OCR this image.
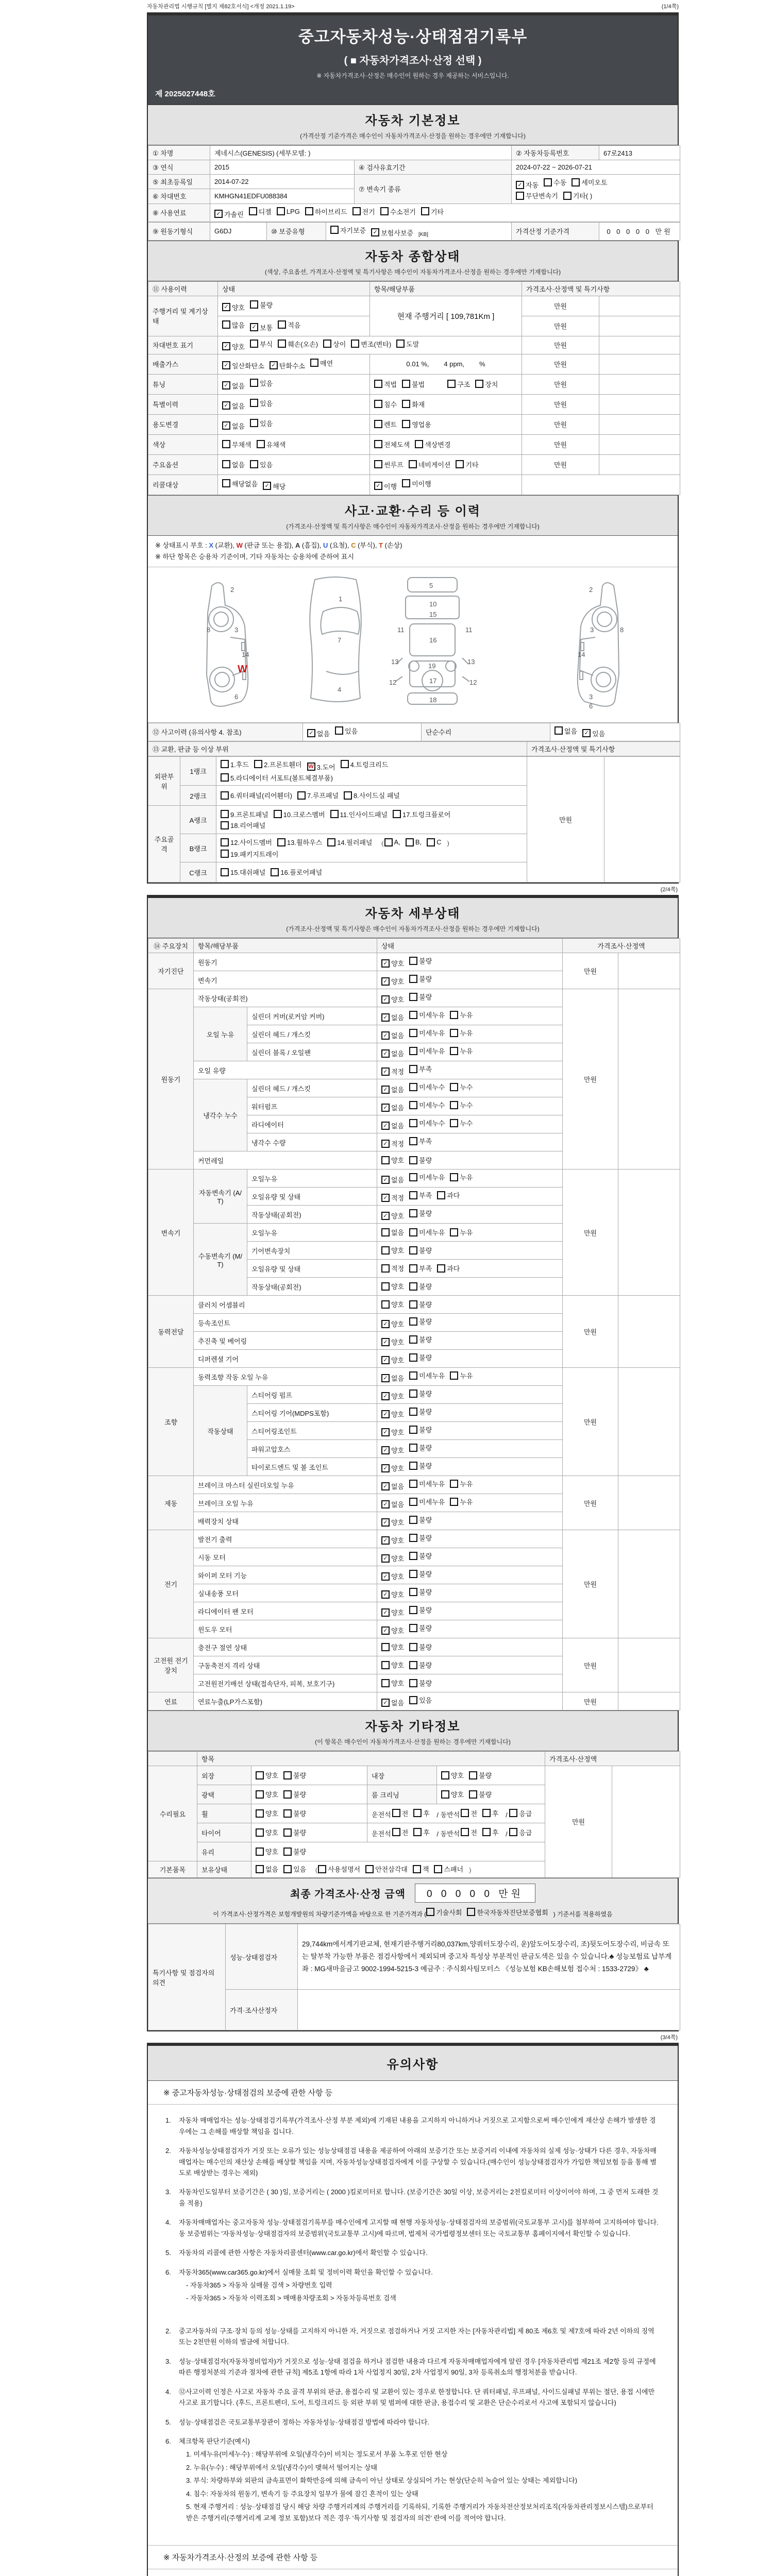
자동차관리법 시행규칙 [별지 제82호서식] <개정 2021.1.19>	(1/4쪽)
중고자동차성능·상태점검기록부
( ■ 자동차가격조사·산정 선택 )
※ 자동차가격조사·산정은 매수인이 원하는 경우 제공하는 서비스입니다.
제 2025027448호
자동차 기본정보
(가격산정 기준가격은 매수인이 자동차가격조사·산정을 원하는 경우에만 기재합니다)
① 차명	제네시스(GENESIS) (세부모델: )		② 자동차등록번호	67로2413
③ 연식	2015	④ 검사유효기간	2024-07-22 ~ 2026-07-21	
⑤ 최초등록일	2014-07-22	⑦ 변속기 종류	
✓ 자동 수동 세미오토

무단변속기 기타( )

⑥ 차대번호	KMHGN41EDFU088384			
⑧ 사용연료	✓ 가솔린 디젤 LPG 하이브리드 전기 수소전기 기타
⑨ 원동기형식	G6DJ	⑩ 보증유형	자기보증	✓ 보험사보증 $_{[KB]}$	가격산정 기준가격	0 0 0 0 0 만원
자동차 종합상태
(색상, 주요옵션, 가격조사·산정액 및 특기사항은 매수인이 자동차가격조사·산정을 원하는 경우에만 기재합니다)
⑪ 사용이력	상태	항목/해당부품	가격조사·산정액 및 특기사항	
주행거리 및 계기상태	✓ 양호 불량	현재 주행거리 [ 109,781Km ]	만원	

	많음 ✓ 보통 적음		만원	
차대번호 표기	✓ 양호 부식 훼손(오손) 상이 변조(변타) 도말	만원	
배출가스	✓ 일산화탄소 ✓ 탄화수소 매연	0.01 %,        4 ppm,        %	만원	
튜닝	✓ 없음 있음	적법 불법 구조 장치	만원	
특별이력	✓ 없음 있음	침수 화재	만원	
용도변경	✓ 없음 있음	렌트 영업용	만원	
색상	무채색 유채색	전체도색 색상변경	만원	
주요옵션	없음 있음	썬루프 네비게이션 기타	만원	
리콜대상	해당없음 ✓ 해당	✓ 이행 미이행		

사고·교환·수리 등 이력
(가격조사·산정액 및 특기사항은 매수인이 자동차가격조사·산정을 원하는 경우에만 기재합니다)
※ 상태표시 부호 : X (교환), W (판금 또는 용접), A (흠집), U (요철), C (부식), T (손상)
※ 하단 항목은 승용차 기준이며, 기타 자동차는 승용차에 준하여 표시
2
8	3
14
6
7
1
4
5
10
15
16
11	11
13	13
12	12
19
17
18
2
8
3
14
3
6
W
⑫ 사고이력 (유의사항 4. 참조)	✓ 없음 있음	단순수리	없음	✓ 있음
⑬ 교환, 판금 등 이상 부위	가격조사·산정액 및 특기사항
외판부위	1랭크	
1.후드 2.프론트휀더 W 3.도어 4.트렁크리드

5.라디에이터 서포트(볼트체결부품)
	만원	
	2랭크	6.쿼터패널(리어휀더) 7.루프패널 8.사이드실 패널		

주요골격	A랭크	9.프론트패널 10.크로스멤버 11.인사이드패널 17.트렁크플로어

18.리어패널		

B랭크	
12.사이드멤버 13.휠하우스 14.필러패널 （ A, B, C ）

19.패키지트레이

	C랭크	15.대쉬패널 16.플로어패널		
(2/4쪽)
자동차 세부상태
(가격조사·산정액 및 특기사항은 매수인이 자동차가격조사·산정을 원하는 경우에만 기재합니다)
⑭ 주요장치	항목/해당부품		상태	가격조사·산정액	
자기진단	원동기		✓ 양호 불량	만원	
	변속기		✓ 양호 불량		

원동기	작동상태(공회전)		✓ 양호 불량	만원	
	오일 누유	실린더 커버(로커암 커버)	✓ 없음 미세누유 누유		

		실린더 헤드 / 개스킷	✓ 없음 미세누유 누유		

		실린더 블록 / 오일팬	✓ 없음 미세누유 누유		

	오일 유량		✓ 적정 부족		

	냉각수 누수	실린더 헤드 / 개스킷	✓ 없음 미세누수 누수		

		워터펌프	✓ 없음 미세누수 누수		

		라디에이터	✓ 없음 미세누수 누수		

		냉각수 수량	✓ 적정 부족		

	커먼레일		양호 불량		

변속기	자동변속기 (A/T)	오일누유	✓ 없음 미세누유 누유	만원	
		오일유량 및 상태	✓ 적정 부족 과다		

		작동상태(공회전)	✓ 양호 불량		

	수동변속기 (M/T)	오일누유	없음 미세누유 누유		

		기어변속장치	양호 불량		

		오일유량 및 상태	적정 부족 과다		

		작동상태(공회전)	양호 불량		

동력전달	클러치 어셈블리		양호 불량	만원	
	등속조인트		✓ 양호 불량		

	추진축 및 베어링		✓ 양호 불량		

	디퍼렌셜 기어		✓ 양호 불량		

조향	동력조향 작동 오일 누유		✓ 없음 미세누유 누유	만원	
	작동상태	스티어링 펌프	✓ 양호 불량		

		스티어링 기어(MDPS포함)	✓ 양호 불량		

		스티어링조인트	✓ 양호 불량		

		파워고압호스	✓ 양호 불량		

		타이로드엔드 및 볼 조인트	✓ 양호 불량		

제동	브레이크 마스터 실린더오일 누유		✓ 없음 미세누유 누유	만원	
	브레이크 오일 누유		✓ 없음 미세누유 누유		

	배력장치 상태		✓ 양호 불량		

전기	발전기 출력		✓ 양호 불량	만원	
	시동 모터		✓ 양호 불량		

	와이퍼 모터 기능		✓ 양호 불량		

	실내송풍 모터		✓ 양호 불량		

	라디에이터 팬 모터		✓ 양호 불량		

	윈도우 모터		✓ 양호 불량		

고전원 전기장치	충전구 절연 상태		양호 불량	만원	
	구동축전지 격리 상태		양호 불량		

	고전원전기배선 상태(접속단자, 피복, 보호기구)		양호 불량		

연료	연료누출(LP가스포함)		✓ 없음 있음	만원	
자동차 기타정보
(이 항목은 매수인이 자동차가격조사·산정을 원하는 경우에만 기재합니다)
	항목				가격조사·산정액	
수리필요	외장	양호 불량	내장	양호 불량	만원	
	광택	양호 불량	룸 크리닝	양호 불량		

휠	양호 불량	운전석 전 후 / 동반석 전 후 / 응급

타이어	양호 불량	운전석 전 후 / 동반석 전 후 / 응급

	유리	양호 불량				

기본품목	보유상태	없음 있음 （ 사용설명서 안전삼각대 잭 스패너 ）
최종 가격조사·산정 금액	0 0 0 0 0 만원
이 가격조사·산정가격은 보험개발원의 차량기준가액을 바탕으로 한 기준가격과 ( 기술사회 한국자동차진단보증협회 ) 기준서를 적용하였음
특기사항 및 점검자의 의견	성능·상태점검자	29,744km에서계기판교체, 현재기판주행거리80,037km,양쿼터도장수리, 운)앞도어도장수리, 조)뒷도어도장수리, 비금속 또는 탈부착 가능한 부품은 점검사항에서 제외되며 중고차 특성상 부분적인 판금도색은 있을 수 있습니다.♣ 성능보험료 납부계좌 : MG새마을금고 9002-1994-5215-3 예금주 : 주식회사팀모터스 《성능보험 KB손해보험 접수처 : 1533-2729》 ♣
	가격·조사산정자	
(3/4쪽)
유의사항
※ 중고자동차성능·상태점검의 보증에 관한 사항 등
1.	자동차 매매업자는 성능·상태점검기록부(가격조사·산정 부분 제외)에 기재된 내용을 고지하지 아니하거나 거짓으로 고지함으로써 매수인에게 재산상 손해가 발생한 경우에는 그 손해를 배상할 책임을 집니다.
2.	자동차성능상태점검자가 거짓 또는 오류가 있는 성능상태점검 내용을 제공하여 아래의 보증기간 또는 보증거리 이내에 자동차의 실제 성능·상태가 다른 경우, 자동차매매업자는 매수인의 재산상 손해를 배상할 책임을 지며, 자동차성능상태점검자에게 이를 구상할 수 있습니다.(매수인이 성능상태점검자가 가입한 책임보험 등을 통해 별도로 배상받는 경우는 제외)
3.	자동차인도일부터 보증기간은 ( 30 )일, 보증거리는 ( 2000 )킬로미터로 합니다. (보증기간은 30일 이상, 보증거리는 2천킬로미터 이상이어야 하며, 그 중 먼저 도래한 것을 적용)
4.	자동차매매업자는 중고자동차 성능·상태점검기록부를 매수인에게 고지할 때 현행 자동차성능·상태점검자의 보증범위(국토교통부 고시)를 첨부하여 고지하여야 합니다. 동 보증범위는 '자동차성능·상태점검자의 보증범위'(국토교통부 고시)에 따르며, 법제처 국가법령정보센터 또는 국토교통부 홈페이지에서 확인할 수 있습니다.
5.	자동차의 리콜에 관한 사항은 자동차리콜센터(www.car.go.kr)에서 확인할 수 있습니다.
6.	자동차365(www.car365.go.kr)에서 실매물 조회 및 정비이력 확인을 확인할 수 있습니다.
- 자동차365 > 자동차 실매물 검색 > 차량번호 입력
- 자동차365 > 자동차 이력조회 > 매매용차량조회 > 자동차등록번호 검색
2.	중고자동차의 구조·장치 등의 성능·상태를 고지하지 아니한 자, 거짓으로 점검하거나 거짓 고지한 자는 [자동차관리법] 제 80조 제6호 및 제7호에 따라 2년 이하의 징역 또는 2천만원 이하의 벌금에 처합니다.
3.	성능·상태점검자(자동차정비업자)가 거짓으로 성능·상태 점검을 하거나 점검한 내용과 다르게 자동차매매업자에게 알린 경우 [자동차관리법 제21조 제2항 등의 규정에 따른 행정처분의 기준과 절차에 관한 규칙] 제5조 1항에 따라 1차 사업정지 30일, 2차 사업정지 90일, 3차 등록취소의 행정처분을 받습니다.
4.	⑫사고이력 인정은 사고로 자동차 주요 골격 부위의 판금, 용접수리 및 교환이 있는 경우로 한정합니다. 단 쿼터패널, 루프패널, 사이드실패널 부위는 절단, 용접 시에만 사고로 표기합니다. (후드, 프론트펜더, 도어, 트렁크리드 등 외판 부위 및 범퍼에 대한 판금, 용접수리 및 교환은 단순수리로서 사고에 포함되지 않습니다)
5.	성능·상태점검은 국토교통부장관이 정하는 자동차성능·상태점검 방법에 따라야 합니다.
6.	체크항목 판단기준(예시)
1. 미세누유(미세누수) : 해당부위에 오일(냉각수)이 비치는 정도로서 부품 노후로 인한 현상
2. 누유(누수) : 해당부위에서 오일(냉각수)이 맺혀서 떨어지는 상태
3. 부식: 차량하부와 외판의 금속표면이 화학반응에 의해 금속이 아닌 상태로 상실되어 가는 현상(단순히 녹슬어 있는 상태는 제외합니다)
4. 침수: 자동차의 원동기, 변속기 등 주요장치 일부가 물에 잠긴 흔적이 있는 상태
5. 현재 주행거리 : 성능·상태점검 당시 해당 차량 주행거리계의 주행거리를 기록하되, 기록한 주행거리가 자동차전산정보처리조직(자동차관리정보시스템)으로부터 받은 주행거리(주행거리계 교체 정보 포함)보다 적은 경우 '특기사항 및 점검자의 의견' 란에 이를 적어야 합니다.
※ 자동차가격조사·산정의 보증에 관한 사항 등
